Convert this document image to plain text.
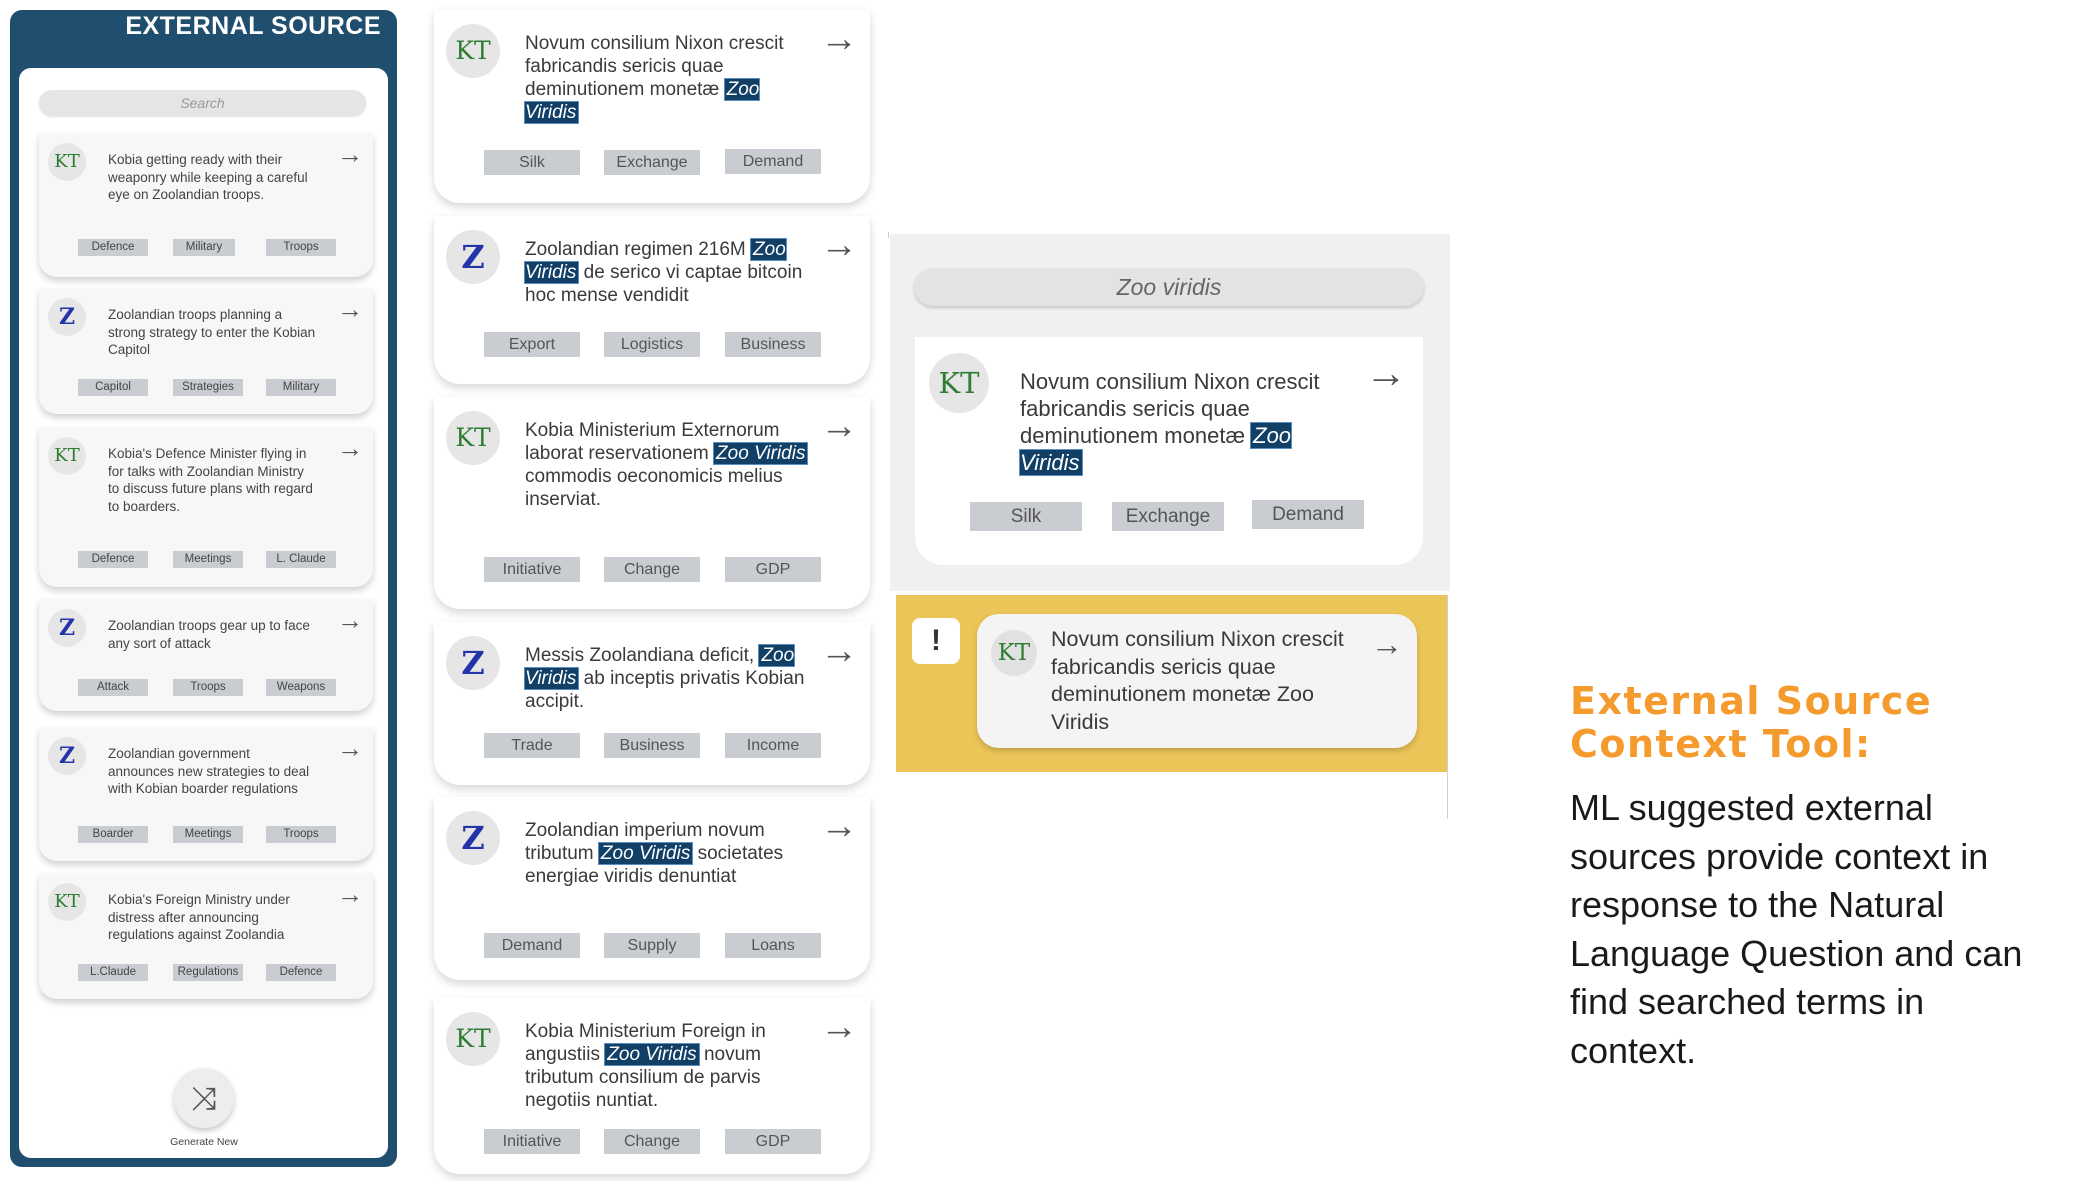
EXTERNAL SOURCE
Search
KT	Kobia getting ready with their weaponry while keeping a careful eye on Zoolandian troops.
→
Defence	Military	Troops
Z	Zoolandian troops planning a strong strategy to enter the Kobian Capitol
→
Capitol	Strategies	Military
KT	Kobia's Defence Minister flying in for talks with Zoolandian Ministry to discuss future plans with regard to boarders.
→
Defence	Meetings	L. Claude
Z	Zoolandian troops gear up to face any sort of attack
→
Attack	Troops	Weapons
Z	Zoolandian government announces new strategies to deal with Kobian boarder regulations
→
Boarder	Meetings	Troops
KT	Kobia's Foreign Ministry under distress after announcing regulations against Zoolandia
→
L.Claude	Regulations	Defence
⤨
Generate New
KT	Novum consilium Nixon crescit fabricandis sericis quae deminutionem monetæ Zoo Viridis
→
Silk	Exchange	Demand
Z	Zoolandian regimen 216M Zoo Viridis de serico vi captae bitcoin hoc mense vendidit
→
Export	Logistics	Business
KT	Kobia Ministerium Externorum laborat reservationem Zoo Viridis commodis oeconomicis melius inserviat.
→
Initiative	Change	GDP
Z	Messis Zoolandiana deficit, Zoo Viridis ab inceptis privatis Kobian accipit.
→
Trade	Business	Income
Z	Zoolandian imperium novum tributum Zoo Viridis societates energiae viridis denuntiat
→
Demand	Supply	Loans
KT	Kobia Ministerium Foreign in angustiis Zoo Viridis novum tributum consilium de parvis negotiis nuntiat.
→
Initiative	Change	GDP
Zoo viridis
KT	Novum consilium Nixon crescit fabricandis sericis quae deminutionem monetæ Zoo Viridis
→
Silk	Exchange	Demand
!	KT
Novum consilium Nixon crescit fabricandis sericis quae deminutionem monetæ Zoo Viridis
→
External Source Context Tool:
ML suggested external sources provide context in response to the Natural Language Question and can find searched terms in context.
